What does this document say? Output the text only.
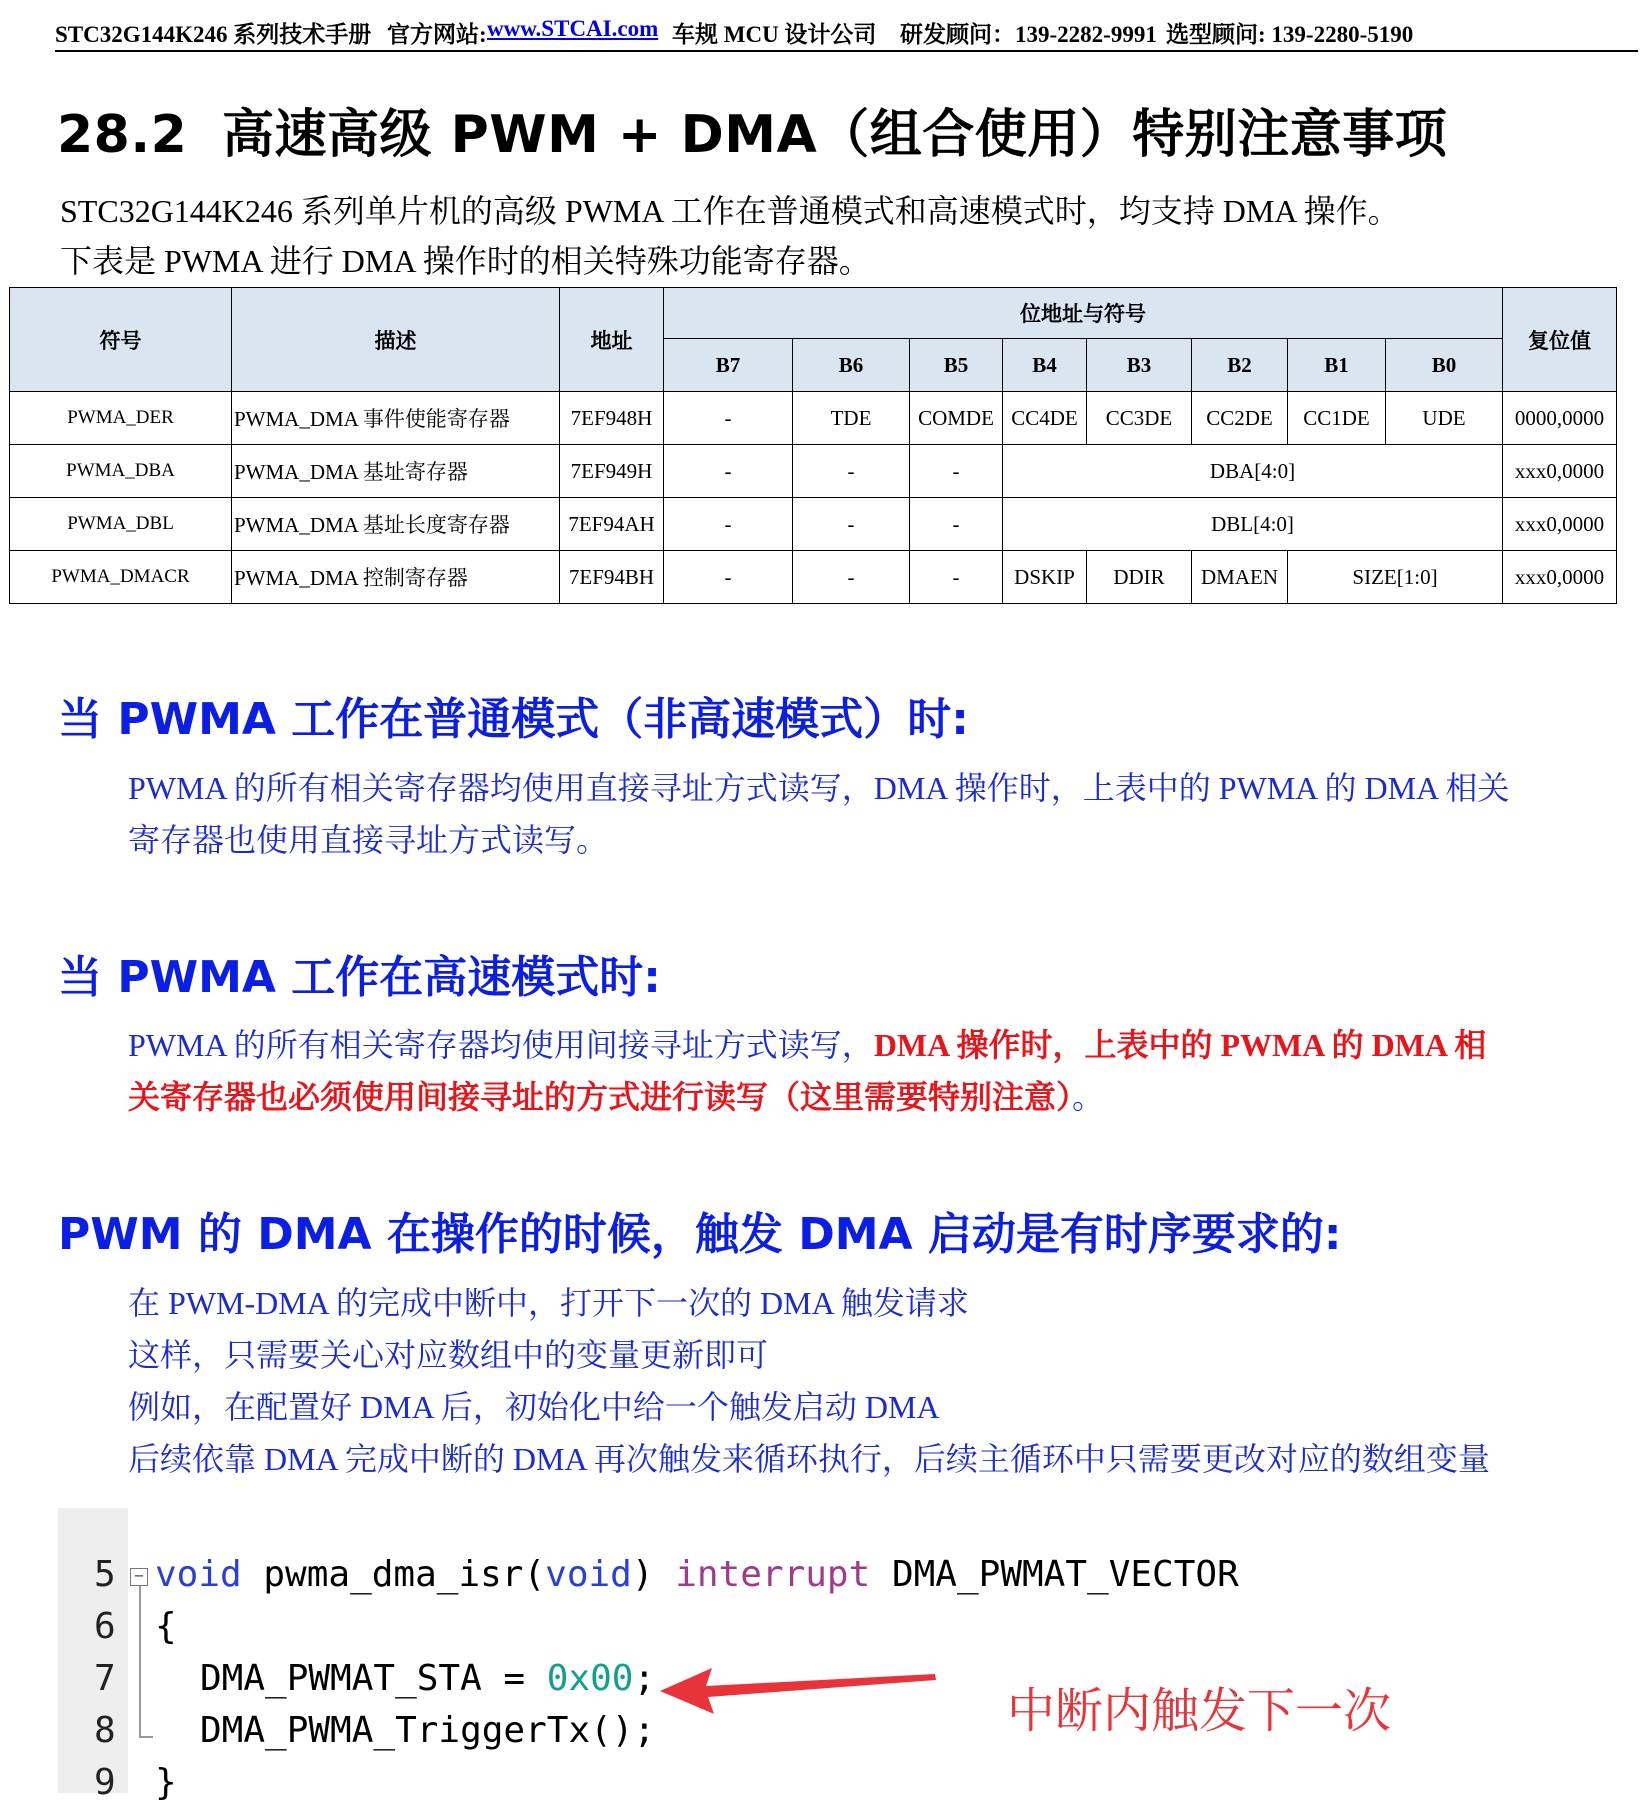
STC32G144K246 系列技术手册 官方网站: www.STCAI.com 车规 MCU 设计公司 研发顾问：139-2282-9991 选型顾问: 139-2280-5190
28.2 高速高级 PWM + DMA（组合使用）特别注意事项
STC32G144K246 系列单片机的高级 PWMA 工作在普通模式和高速模式时，均支持 DMA 操作。
下表是 PWMA 进行 DMA 操作时的相关特殊功能寄存器。
符号	描述	地址	位地址与符号								复位值
			B7	B6	B5	B4	B3	B2	B1	B0	
PWMA_DER	PWMA_DMA 事件使能寄存器	7EF948H	-	TDE	COMDE	CC4DE	CC3DE	CC2DE	CC1DE	UDE	0000,0000
PWMA_DBA	PWMA_DMA 基址寄存器	7EF949H	-	-	-	DBA[4:0]					xxx0,0000
PWMA_DBL	PWMA_DMA 基址长度寄存器	7EF94AH	-	-	-	DBL[4:0]					xxx0,0000
PWMA_DMACR	PWMA_DMA 控制寄存器	7EF94BH	-	-	-	DSKIP	DDIR	DMAEN	SIZE[1:0]		xxx0,0000
当 PWMA 工作在普通模式（非高速模式）时:
PWMA 的所有相关寄存器均使用直接寻址方式读写，DMA 操作时，上表中的 PWMA 的 DMA 相关
寄存器也使用直接寻址方式读写。
当 PWMA 工作在高速模式时:
PWMA 的所有相关寄存器均使用间接寻址方式读写，DMA 操作时，上表中的 PWMA 的 DMA 相
关寄存器也必须使用间接寻址的方式进行读写（这里需要特别注意）。
PWM 的 DMA 在操作的时候，触发 DMA 启动是有时序要求的:
在 PWM-DMA 的完成中断中，打开下一次的 DMA 触发请求
这样，只需要关心对应数组中的变量更新即可
例如，在配置好 DMA 后，初始化中给一个触发启动 DMA
后续依靠 DMA 完成中断的 DMA 再次触发来循环执行，后续主循环中只需要更改对应的数组变量

5	void pwma_dma_isr(void) interrupt DMA_PWMAT_VECTOR

6	{

7	DMA_PWMAT_STA = 0x00;

8	DMA_PWMA_TriggerTx();

9	}

−
中断内触发下一次
